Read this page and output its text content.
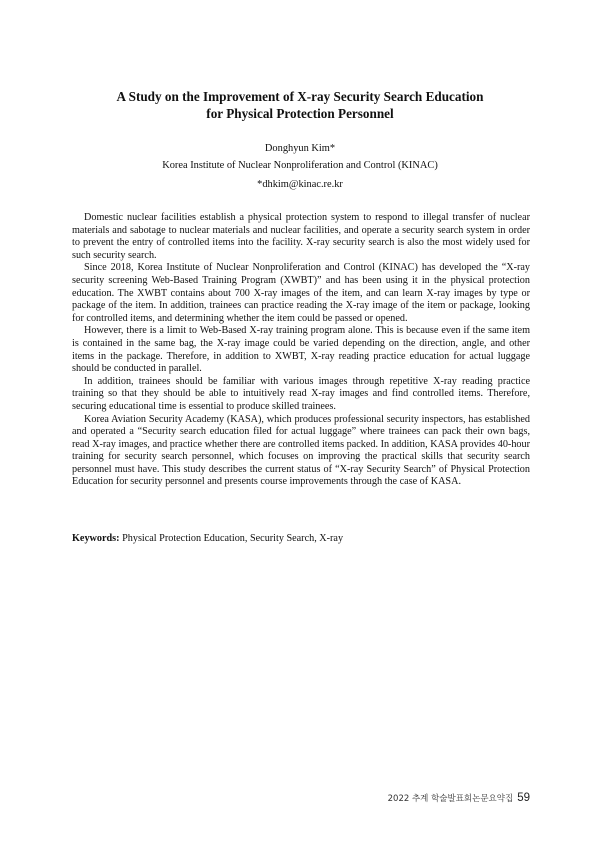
A Study on the Improvement of X-ray Security Search Education
for Physical Protection Personnel

Donghyun Kim*

Korea Institute of Nuclear Nonproliferation and Control (KINAC)

*dhkim@kinac.re.kr

Domestic nuclear facilities establish a physical protection system to respond to illegal transfer of nuclear materials and sabotage to nuclear materials and nuclear facilities, and operate a security search system in order to prevent the entry of controlled items into the facility. X-ray security search is also the most widely used for such security search.

Since 2018, Korea Institute of Nuclear Nonproliferation and Control (KINAC) has developed the “X-ray security screening Web-Based Training Program (XWBT)” and has been using it in the physical protection education. The XWBT contains about 700 X-ray images of the item, and can learn X-ray images by type or package of the item. In addition, trainees can practice reading the X-ray image of the item or package, looking for controlled items, and determining whether the item could be passed or opened.

However, there is a limit to Web-Based X-ray training program alone. This is because even if the same item is contained in the same bag, the X-ray image could be varied depending on the direction, angle, and other items in the package. Therefore, in addition to XWBT, X-ray reading practice education for actual luggage should be conducted in parallel.

In addition, trainees should be familiar with various images through repetitive X-ray reading practice training so that they should be able to intuitively read X-ray images and find controlled items. Therefore, securing educational time is essential to produce skilled trainees.

Korea Aviation Security Academy (KASA), which produces professional security inspectors, has established and operated a “Security search education filed for actual luggage” where trainees can pack their own bags, read X-ray images, and practice whether there are controlled items packed. In addition, KASA provides 40-hour training for security search personnel, which focuses on improving the practical skills that security search personnel must have. This study describes the current status of “X-ray Security Search” of Physical Protection Education for security personnel and presents course improvements through the case of KASA.

Keywords: Physical Protection Education, Security Search, X-ray

2022 추계 학술발표회논문요약집 59
